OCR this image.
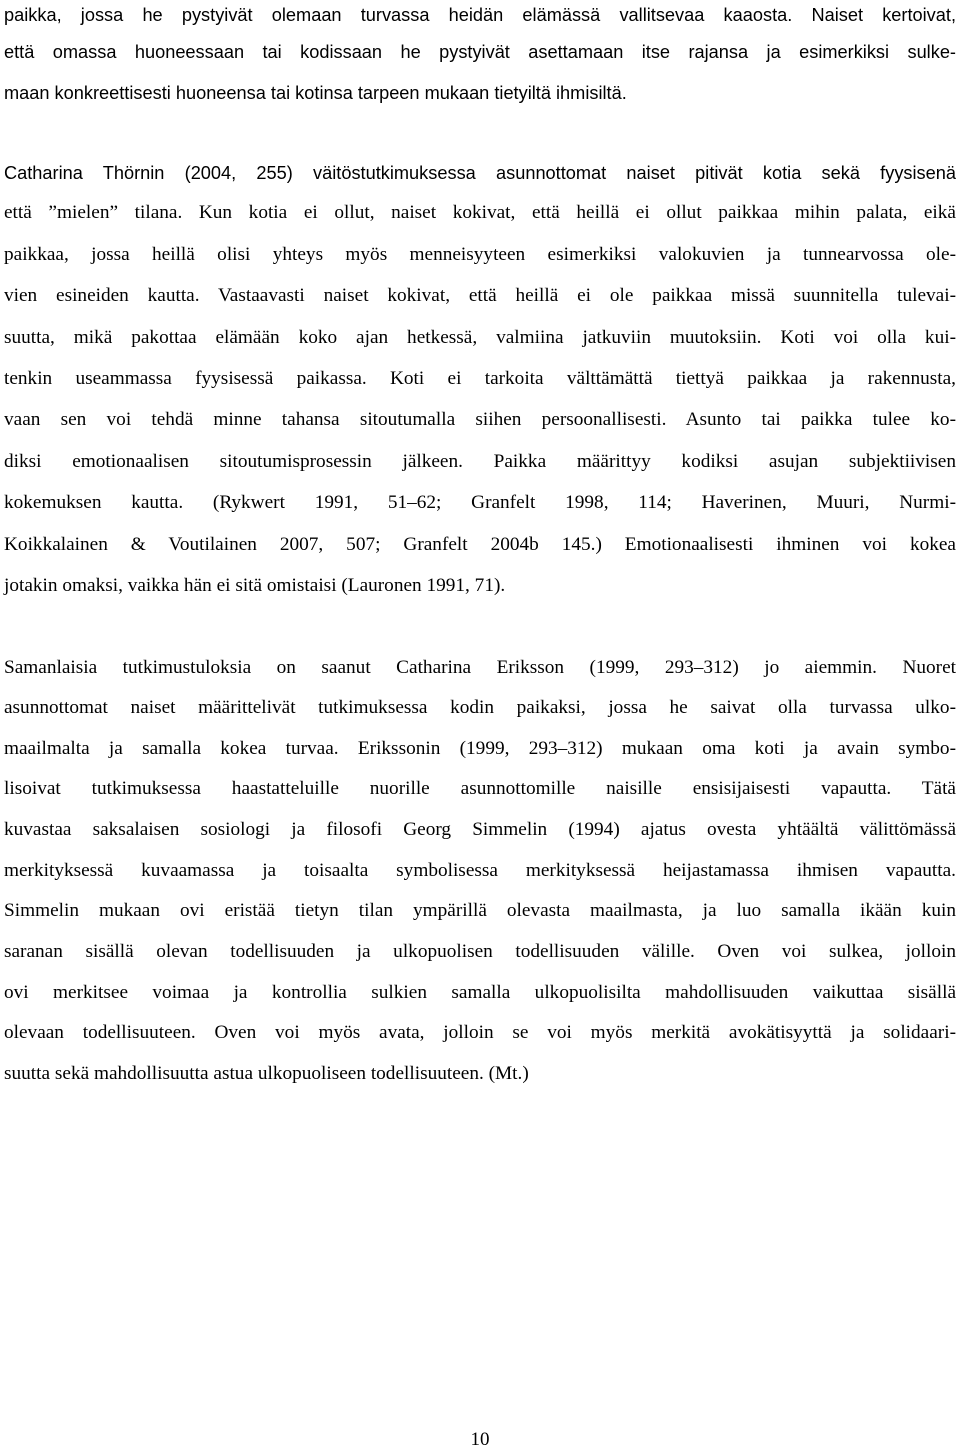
paikka, jossa he pystyivät olemaan turvassa heidän elämässä vallitsevaa kaaosta. Naiset kertoivat,
että omassa huoneessaan tai kodissaan he pystyivät asettamaan itse rajansa ja esimerkiksi sulke-
maan konkreettisesti huoneensa tai kotinsa tarpeen mukaan tietyiltä ihmisiltä.
Catharina Thörnin (2004, 255) väitöstutkimuksessa asunnottomat naiset pitivät kotia sekä fyysisenä
että ”mielen” tilana. Kun kotia ei ollut, naiset kokivat, että heillä ei ollut paikkaa mihin palata, eikä
paikkaa, jossa heillä olisi yhteys myös menneisyyteen esimerkiksi valokuvien ja tunnearvossa ole-
vien esineiden kautta. Vastaavasti naiset kokivat, että heillä ei ole paikkaa missä suunnitella tulevai-
suutta, mikä pakottaa elämään koko ajan hetkessä, valmiina jatkuviin muutoksiin. Koti voi olla kui-
tenkin useammassa fyysisessä paikassa. Koti ei tarkoita välttämättä tiettyä paikkaa ja rakennusta,
vaan sen voi tehdä minne tahansa sitoutumalla siihen persoonallisesti. Asunto tai paikka tulee ko-
diksi emotionaalisen sitoutumisprosessin jälkeen. Paikka määrittyy kodiksi asujan subjektiivisen
kokemuksen kautta. (Rykwert 1991, 51–62; Granfelt 1998, 114; Haverinen, Muuri, Nurmi-
Koikkalainen & Voutilainen 2007, 507; Granfelt 2004b 145.) Emotionaalisesti ihminen voi kokea
jotakin omaksi, vaikka hän ei sitä omistaisi (Lauronen 1991, 71).
Samanlaisia tutkimustuloksia on saanut Catharina Eriksson (1999, 293–312) jo aiemmin. Nuoret
asunnottomat naiset määrittelivät tutkimuksessa kodin paikaksi, jossa he saivat olla turvassa ulko-
maailmalta ja samalla kokea turvaa. Erikssonin (1999, 293–312) mukaan oma koti ja avain symbo-
lisoivat tutkimuksessa haastatteluille nuorille asunnottomille naisille ensisijaisesti vapautta. Tätä
kuvastaa saksalaisen sosiologi ja filosofi Georg Simmelin (1994) ajatus ovesta yhtäältä välittömässä
merkityksessä kuvaamassa ja toisaalta symbolisessa merkityksessä heijastamassa ihmisen vapautta.
Simmelin mukaan ovi eristää tietyn tilan ympärillä olevasta maailmasta, ja luo samalla ikään kuin
saranan sisällä olevan todellisuuden ja ulkopuolisen todellisuuden välille. Oven voi sulkea, jolloin
ovi merkitsee voimaa ja kontrollia sulkien samalla ulkopuolisilta mahdollisuuden vaikuttaa sisällä
olevaan todellisuuteen. Oven voi myös avata, jolloin se voi myös merkitä avokätisyyttä ja solidaari-
suutta sekä mahdollisuutta astua ulkopuoliseen todellisuuteen. (Mt.)
10
